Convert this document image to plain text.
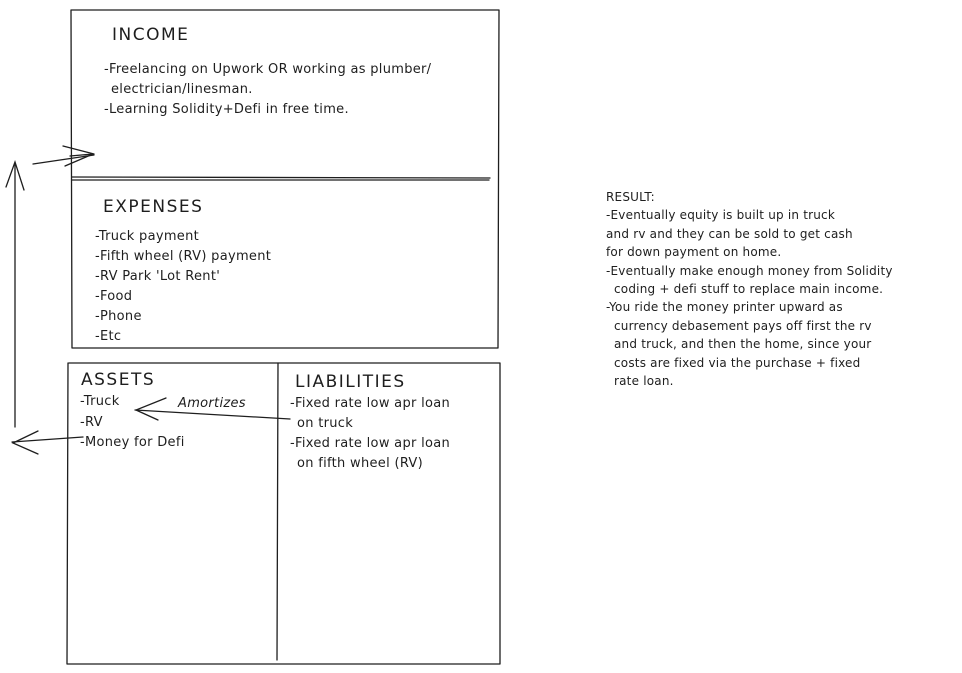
INCOME
-Freelancing on Upwork OR working as plumber/
electrician/linesman.
-Learning Solidity+Defi in free time.
EXPENSES
-Truck payment
-Fifth wheel (RV) payment
-RV Park 'Lot Rent'
-Food
-Phone
-Etc
ASSETS
-Truck
-RV
-Money for Defi
Amortizes
LIABILITIES
-Fixed rate low apr loan
on truck
-Fixed rate low apr loan
on fifth wheel (RV)
RESULT:
-Eventually equity is built up in truck
and rv and they can be sold to get cash
for down payment on home.
-Eventually make enough money from Solidity
coding + defi stuff to replace main income.
-You ride the money printer upward as
currency debasement pays off first the rv
and truck, and then the home, since your
costs are fixed via the purchase + fixed
rate loan.
